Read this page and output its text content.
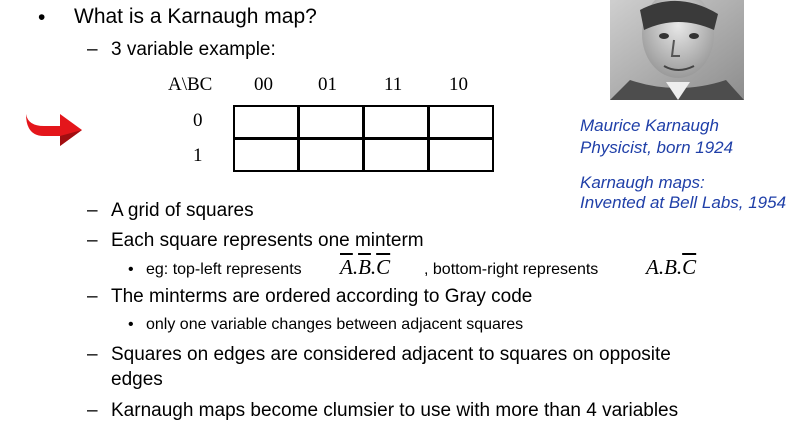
• What is a Karnaugh map?
– 3 variable example:
A\BC 00 01 11 10
0
1
Maurice Karnaugh
Physicist, born 1924
Karnaugh maps:
Invented at Bell Labs, 1954
– A grid of squares
– Each square represents one minterm
• eg: top-left represents $\overline{A}.\overline{B}.\overline{C}$ , bottom-right represents $A.B.\overline{C}$
– The minterms are ordered according to Gray code
• only one variable changes between adjacent squares
– Squares on edges are considered adjacent to squares on opposite
edges
– Karnaugh maps become clumsier to use with more than 4 variables
